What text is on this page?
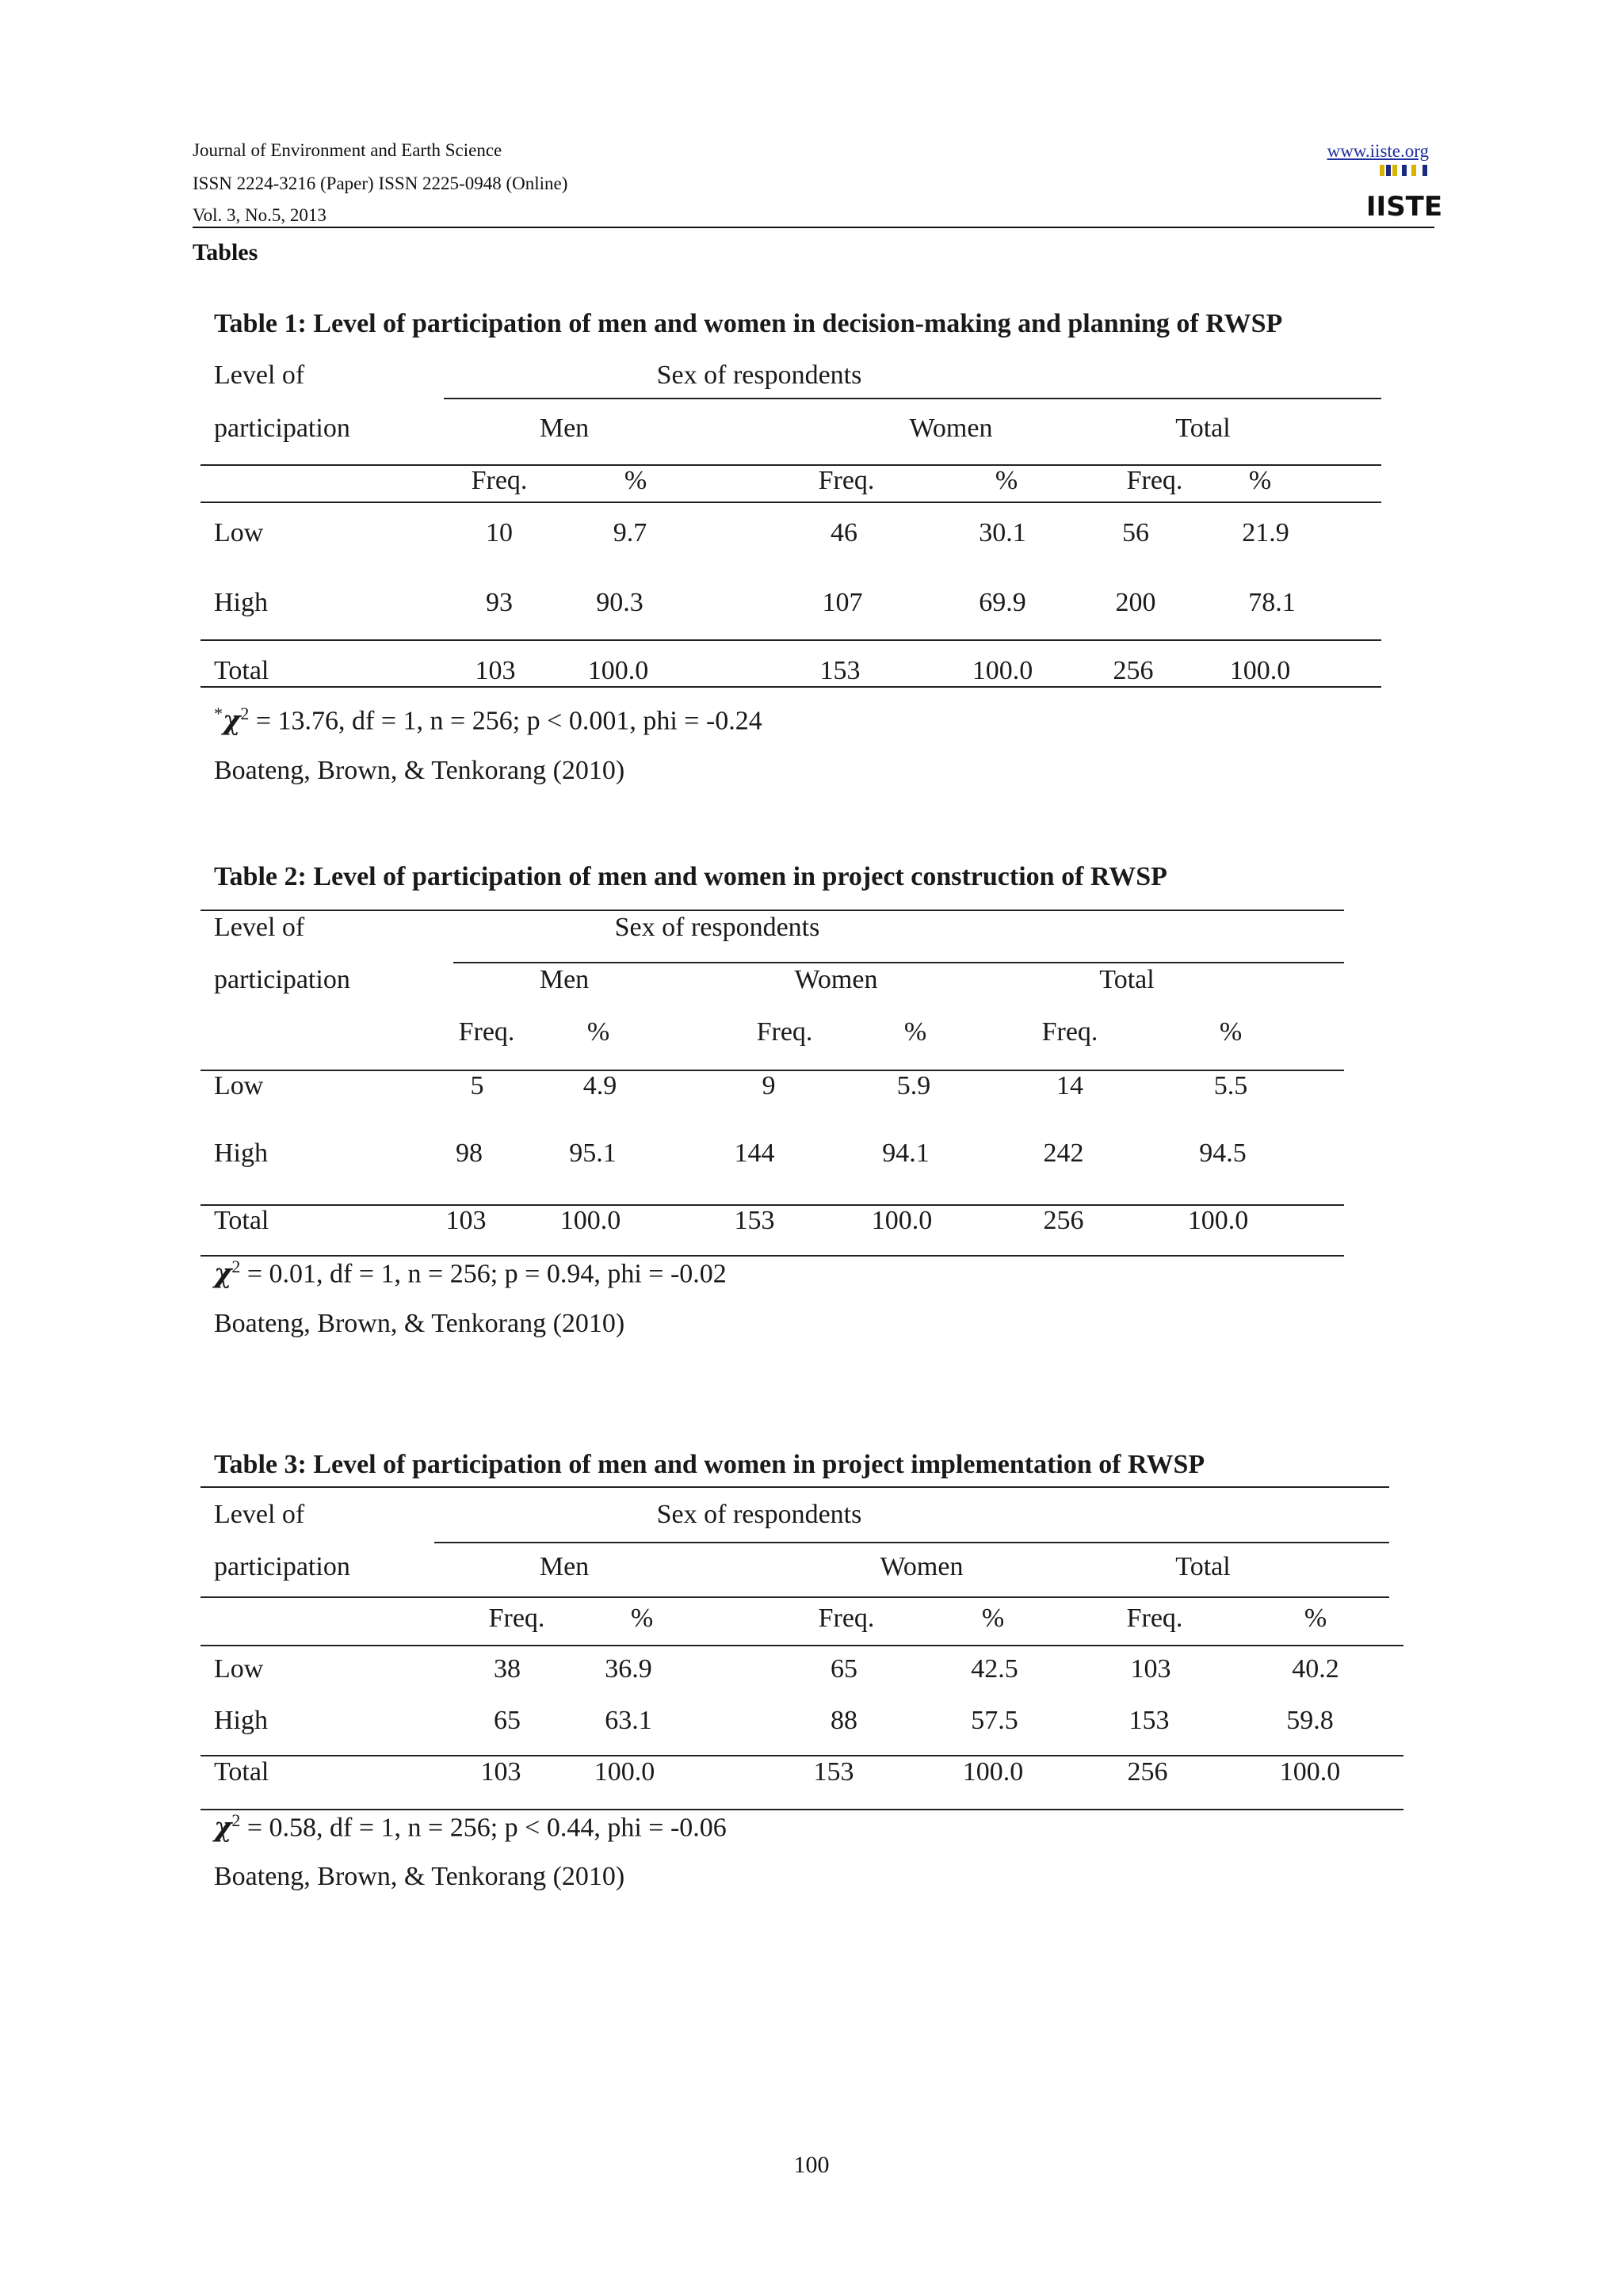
Journal of Environment and Earth Science
ISSN 2224-3216 (Paper) ISSN 2225-0948 (Online)
Vol. 3, No.5, 2013
www.iiste.org
IISTE
Tables
Table 1: Level of participation of men and women in decision-making and planning of RWSP
Level of
participation
Sex of respondents
Men	Women	Total
Freq.	%	Freq.	%	Freq. %
Low	10	9.7	46	30.1	56	21.9
High	93	90.3	107	69.9	200	78.1
Total	103	100.0	153	100.0	256	100.0
$^*\chi^2 = 13.76$, df = 1, n = 256; p < 0.001, phi = -0.24
Boateng, Brown, & Tenkorang (2010)
Table 2: Level of participation of men and women in project construction of RWSP
Level of
participation
Sex of respondents
Men	Women	Total
Freq.	%	Freq.	%	Freq.	%
Low	5	4.9	9	5.9	14	5.5
High	98	95.1	144	94.1	242	94.5
Total	103	100.0	153	100.0	256	100.0
$\chi^2 = 0.01$, df = 1, n = 256; p = 0.94, phi = -0.02
Boateng, Brown, & Tenkorang (2010)
Table 3: Level of participation of men and women in project implementation of RWSP
Level of
participation
Sex of respondents
Men	Women	Total
Freq.	%	Freq.	%	Freq.	%
Low	38	36.9	65	42.5	103	40.2
High	65	63.1	88	57.5	153	59.8
Total	103	100.0	153	100.0	256	100.0
$\chi^2 = 0.58$, df = 1, n = 256; p < 0.44, phi = -0.06
Boateng, Brown, & Tenkorang (2010)
100
